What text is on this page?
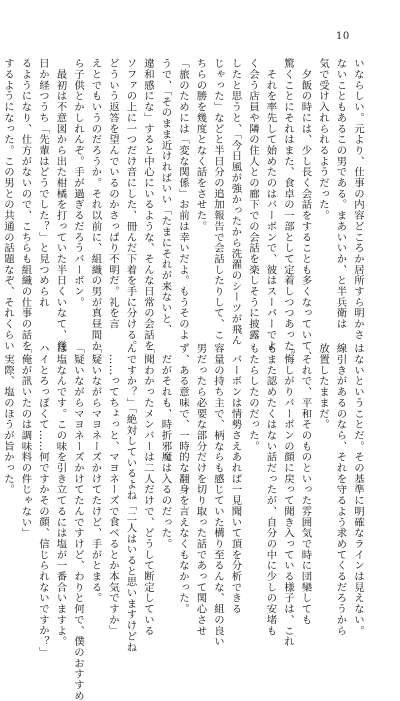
10
いならしい。元より、仕事の内容どころか居所すら明かさ
ないこともあるこの男である。まあいいか、と半兵衛は
気で受け入れられるようだった。
　夕飯の時には、少し長く会話をすることも多くなっていて、
驚くことにそれはまた、食卓の一部として定着しつつあった。
　それを率先して始めたのはバーボンで、彼はスーパーでよ
く会う店員や隣の住人との廊下での会話を楽しそうに披露
したと思うと、「今日風が強かったから洗濯のシーツが飛ん
じゃった」などと半日分の追加報告で会話したりして、こ
ちらの勝を幾度となく話をさせた。
「旅のためには「変な関係」お前は幸いだよ。もうそのよ
うで、「そのまま近ければいい「たまにそれが来ないと、
違和感にな」すると中心にいるような、そんな日常の会話を
ソファの上に一つだけ音にした、冊んだ下着を手に分ける。
どういう返答を望んでいるのかさっぱり不明だ。礼を言
えとでもいうのだろうか。それ以前に、組織の男が真昼間か
ら子供とかしれんぞ。手が過ぎるだろうバーボン。
　最初は不意図から出た柑橘を打っていた半日くいなて、幾
日か経つうち「先輩はどうでした？」と見つめられ
るようになり、仕方がないので、こちらも組織の仕事の話を
するようになった。この男との共通の話題なぞ、それくらい
はないということだ。その基準に明確なラインは見えない。
線引きがあるのなら、それを守るよう求めてくるだろうから
放置したままだ。
　それで、平和そのものといった雰囲気で時に団欒しても
「悔しがりバーボンの顔に戻って聞き入っている様子は、これ
もまた認めたくはない話だったが、自分の中に少しの安堵も
もたらしたのだった。
　バーボンは情勢さえあれば一見聞いて頂を分析できる
容量の持ち主で、柄ならも感じていた構り至るんな、組の良い
男だったら必要な部分だけを切り取った話であって関心させ
ず、ある意味で、一時的な翻身を言えなくもなかった。
　だがそれも、時折邪魔は入るのだった。
「聞わかったメンバーは二人だけで、どうして断定している
んですか？」「絶対しているよね「二人はいると思いますけどね
　……ってちょっと、マヨネーズで食べるとか本気ですか」
「疑いながらマヨネーズかけてたけど、手がとまる。
「疑いながらマヨネーズかけてたんですけど、わりと何で、僕のおすすめ
は塩なんです。この味を引き立てるには塩が一番合いますよ。
ハイとろっぽくて……何ですかその顔、信じられないですか？」
「俺が訊いたのは調味料の件じゃない」
　実際、塩のほうが旨かった。
